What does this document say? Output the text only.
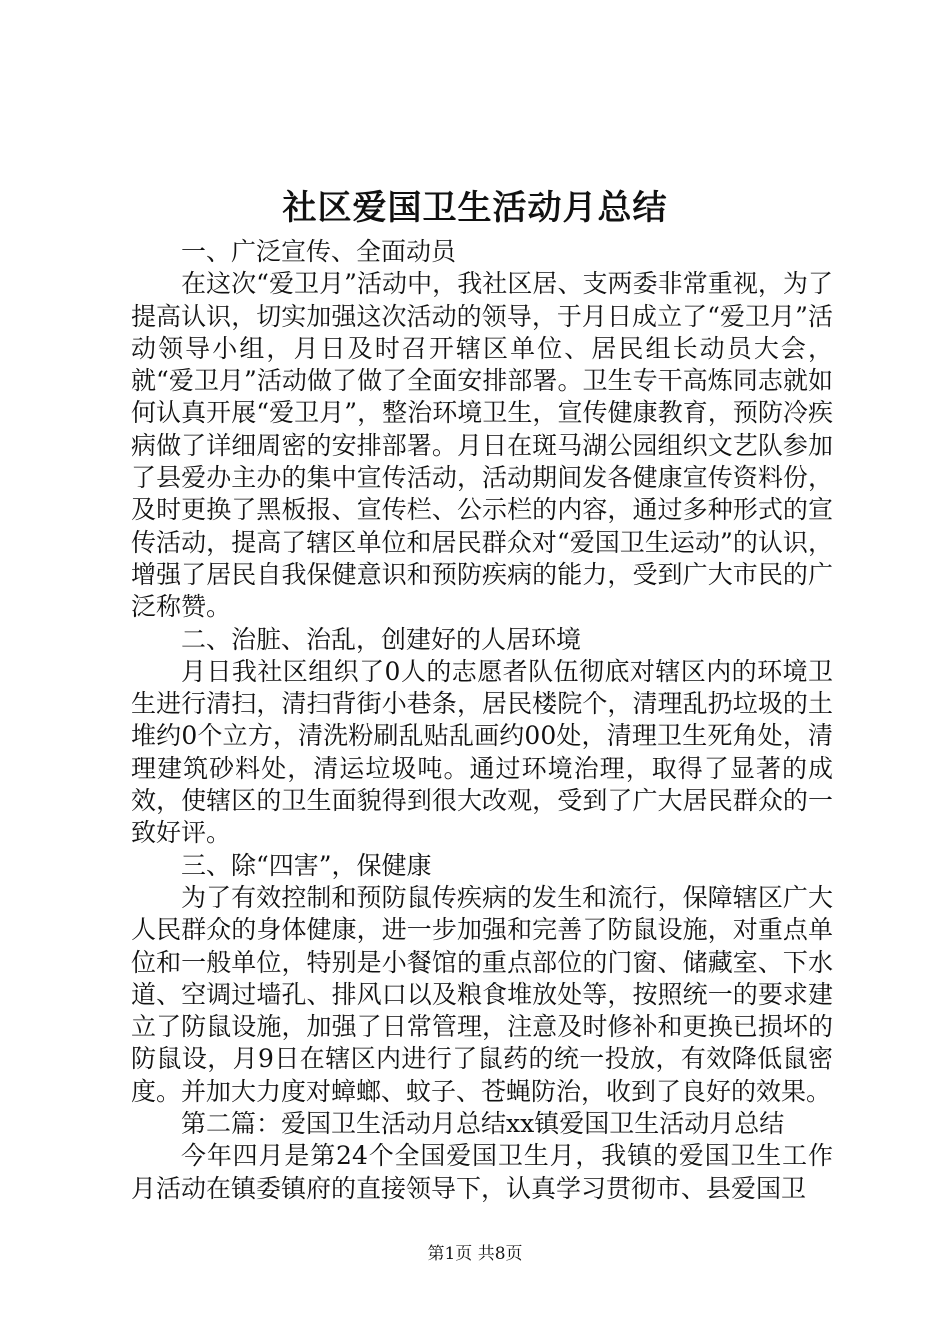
社区爱国卫生活动月总结

一、广泛宣传、全面动员

在这次“爱卫月”活动中，我社区居、支两委非常重视，为了提高认识，切实加强这次活动的领导，于月日成立了“爱卫月”活动领导小组，月日及时召开辖区单位、居民组长动员大会，就“爱卫月”活动做了做了全面安排部署。卫生专干高炼同志就如何认真开展“爱卫月”，整治环境卫生，宣传健康教育，预防冷疾病做了详细周密的安排部署。月日在斑马湖公园组织文艺队参加了县爱办主办的集中宣传活动，活动期间发各健康宣传资料份，及时更换了黑板报、宣传栏、公示栏的内容，通过多种形式的宣传活动，提高了辖区单位和居民群众对“爱国卫生运动”的认识，增强了居民自我保健意识和预防疾病的能力，受到广大市民的广泛称赞。

二、治脏、治乱，创建好的人居环境

月日我社区组织了0人的志愿者队伍彻底对辖区内的环境卫生进行清扫，清扫背街小巷条，居民楼院个，清理乱扔垃圾的土堆约0个立方，清洗粉刷乱贴乱画约00处，清理卫生死角处，清理建筑砂料处，清运垃圾吨。通过环境治理，取得了显著的成效，使辖区的卫生面貌得到很大改观，受到了广大居民群众的一致好评。

三、除“四害”，保健康

为了有效控制和预防鼠传疾病的发生和流行，保障辖区广大人民群众的身体健康，进一步加强和完善了防鼠设施，对重点单位和一般单位，特别是小餐馆的重点部位的门窗、储藏室、下水道、空调过墙孔、排风口以及粮食堆放处等，按照统一的要求建立了防鼠设施，加强了日常管理，注意及时修补和更换已损坏的防鼠设，月9日在辖区内进行了鼠药的统一投放，有效降低鼠密度。并加大力度对蟑螂、蚊子、苍蝇防治，收到了良好的效果。

第二篇：爱国卫生活动月总结xx镇爱国卫生活动月总结

今年四月是第24个全国爱国卫生月，我镇的爱国卫生工作月活动在镇委镇府的直接领导下，认真学习贯彻市、县爱国卫

第1页 共8页
